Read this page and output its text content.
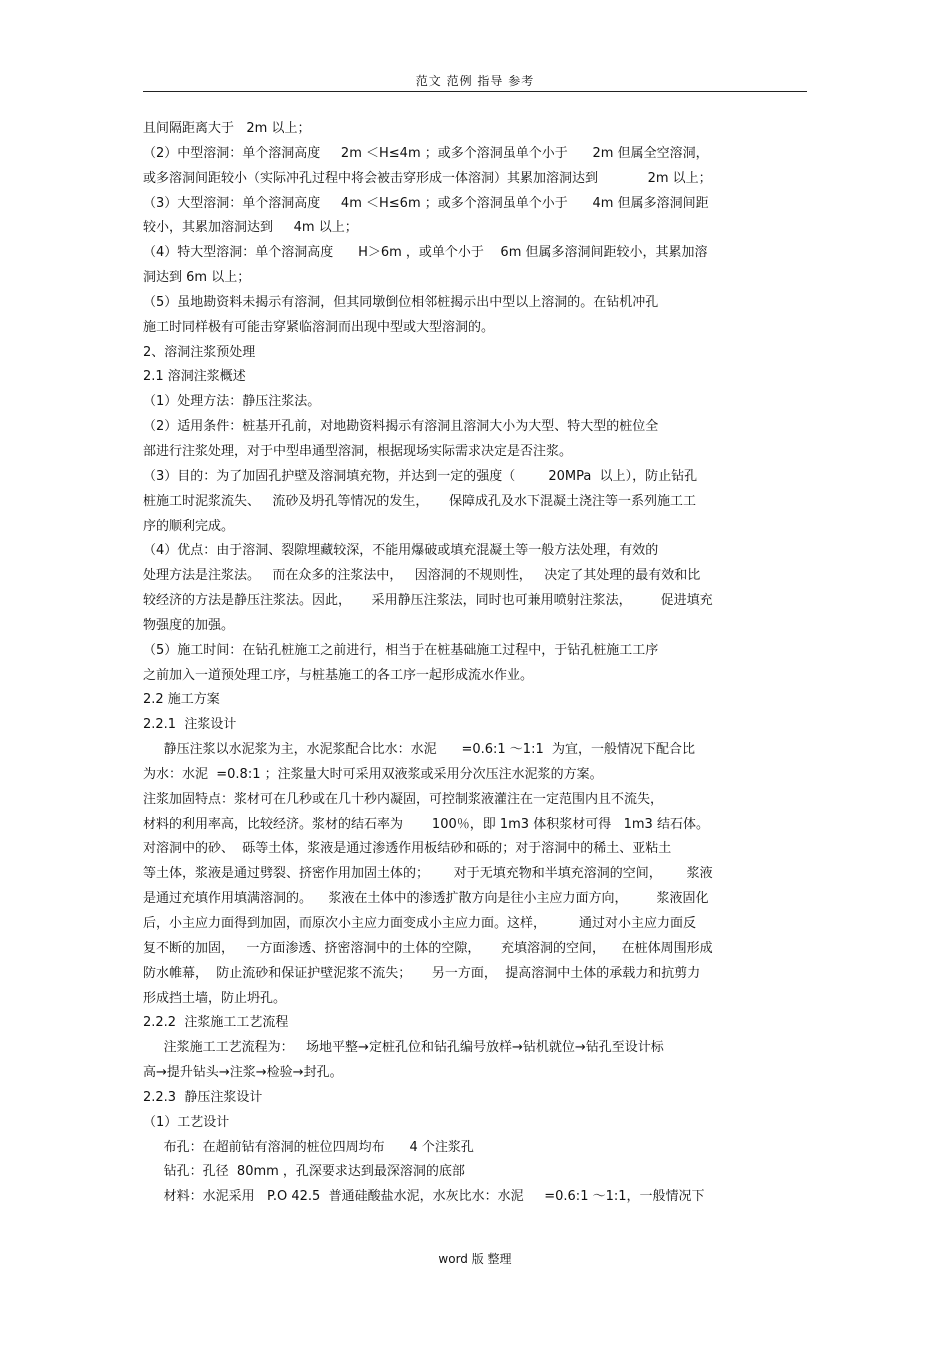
范文 范例 指导 参考
且间隔距离大于   2m 以上；
（2）中型溶洞：单个溶洞高度     2m ＜H≤4m ；或多个溶洞虽单个小于      2m 但属全空溶洞，
或多溶洞间距较小（实际冲孔过程中将会被击穿形成一体溶洞）其累加溶洞达到            2m 以上；
（3）大型溶洞：单个溶洞高度     4m ＜H≤6m ；或多个溶洞虽单个小于      4m 但属多溶洞间距
较小，其累加溶洞达到     4m 以上；
（4）特大型溶洞：单个溶洞高度      H＞6m ，或单个小于    6m 但属多溶洞间距较小，其累加溶
洞达到 6m 以上；
（5）虽地勘资料未揭示有溶洞，但其同墩倒位相邻桩揭示出中型以上溶洞的。在钻机冲孔
施工时同样极有可能击穿紧临溶洞而出现中型或大型溶洞的。
2、溶洞注浆预处理
2.1 溶洞注浆概述
（1）处理方法：静压注浆法。
（2）适用条件：桩基开孔前，对地勘资料揭示有溶洞且溶洞大小为大型、特大型的桩位全
部进行注浆处理，对于中型串通型溶洞，根据现场实际需求决定是否注浆。
（3）目的：为了加固孔护壁及溶洞填充物，并达到一定的强度（        20MPa  以上），防止钻孔
桩施工时泥浆流失、   流砂及坍孔等情况的发生，     保障成孔及水下混凝土浇注等一系列施工工
序的顺利完成。
（4）优点：由于溶洞、裂隙埋藏较深，不能用爆破或填充混凝土等一般方法处理，有效的
处理方法是注浆法。   而在众多的注浆法中，   因溶洞的不规则性，   决定了其处理的最有效和比
较经济的方法是静压注浆法。因此，     采用静压注浆法，同时也可兼用喷射注浆法，       促进填充
物强度的加强。
（5）施工时间：在钻孔桩施工之前进行，相当于在桩基础施工过程中，于钻孔桩施工工序
之前加入一道预处理工序，与桩基施工的各工序一起形成流水作业。
2.2 施工方案
2.2.1  注浆设计
静压注浆以水泥浆为主，水泥浆配合比水：水泥      =0.6:1 ～1:1  为宜，一般情况下配合比
为水：水泥  =0.8:1 ；注浆量大时可采用双液浆或采用分次压注水泥浆的方案。
注浆加固特点：浆材可在几秒或在几十秒内凝固，可控制浆液灌注在一定范围内且不流失，
材料的利用率高，比较经济。浆材的结石率为       100％，即 1m3 体积浆材可得   1m3 结石体。
对溶洞中的砂、  砾等土体，浆液是通过渗透作用板结砂和砾的；对于溶洞中的稀土、亚粘土
等土体，浆液是通过劈裂、挤密作用加固土体的；      对于无填充物和半填充溶洞的空间，      浆液
是通过充填作用填满溶洞的。    浆液在土体中的渗透扩散方向是往小主应力面方向，       浆液固化
后，小主应力面得到加固，而原次小主应力面变成小主应力面。这样，        通过对小主应力面反
复不断的加固，   一方面渗透、挤密溶洞中的土体的空隙，     充填溶洞的空间，    在桩体周围形成
防水帷幕，  防止流砂和保证护壁泥浆不流失；     另一方面，  提高溶洞中土体的承载力和抗剪力
形成挡土墙，防止坍孔。
2.2.2  注浆施工工艺流程
注浆施工工艺流程为：   场地平整→定桩孔位和钻孔编号放样→钻机就位→钻孔至设计标
高→提升钻头→注浆→检验→封孔。
2.2.3  静压注浆设计
（1）工艺设计
布孔：在超前钻有溶洞的桩位四周均布      4 个注浆孔
钻孔：孔径  80mm ，孔深要求达到最深溶洞的底部
材料：水泥采用   P.O 42.5  普通硅酸盐水泥，水灰比水：水泥     =0.6:1 ～1:1，一般情况下
word 版 整理
